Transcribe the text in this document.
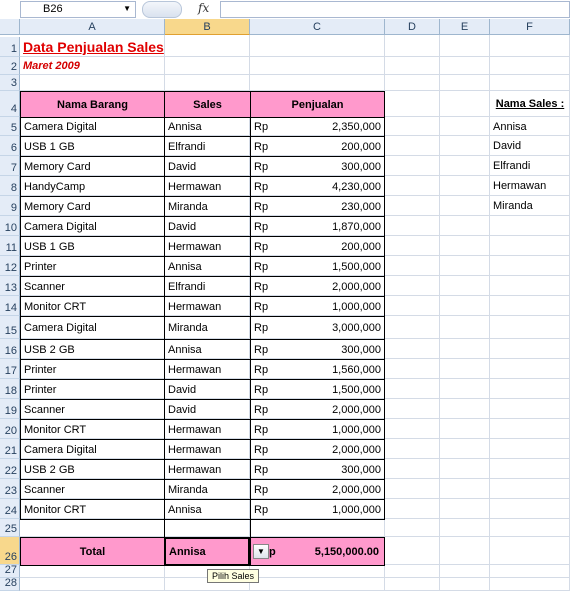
B26	▼	fx
A	B	C	D	E	F
1
2
3
4
5
6
7
8
9
10
11
12
13
14
15
16
17
18
19
20
21
22
23
24
25
26
27
28
Data Penjualan Sales
Maret 2009
Nama Barang	Sales	Penjualan
Camera Digital	Annisa	Rp	2,350,000
USB 1 GB	Elfrandi	Rp	200,000
Memory Card	David	Rp	300,000
HandyCamp	Hermawan	Rp	4,230,000
Memory Card	Miranda	Rp	230,000
Camera Digital	David	Rp	1,870,000
USB 1 GB	Hermawan	Rp	200,000
Printer	Annisa	Rp	1,500,000
Scanner	Elfrandi	Rp	2,000,000
Monitor CRT	Hermawan	Rp	1,000,000
Camera Digital	Miranda	Rp	3,000,000
USB 2 GB	Annisa	Rp	300,000
Printer	Hermawan	Rp	1,560,000
Printer	David	Rp	1,500,000
Scanner	David	Rp	2,000,000
Monitor CRT	Hermawan	Rp	1,000,000
Camera Digital	Hermawan	Rp	2,000,000
USB 2 GB	Hermawan	Rp	300,000
Scanner	Miranda	Rp	2,000,000
Monitor CRT	Annisa	Rp	1,000,000
Total	Annisa	▼ p	5,150,000.00
Nama Sales :
Annisa
David
Elfrandi
Hermawan
Miranda
Pilih Sales
